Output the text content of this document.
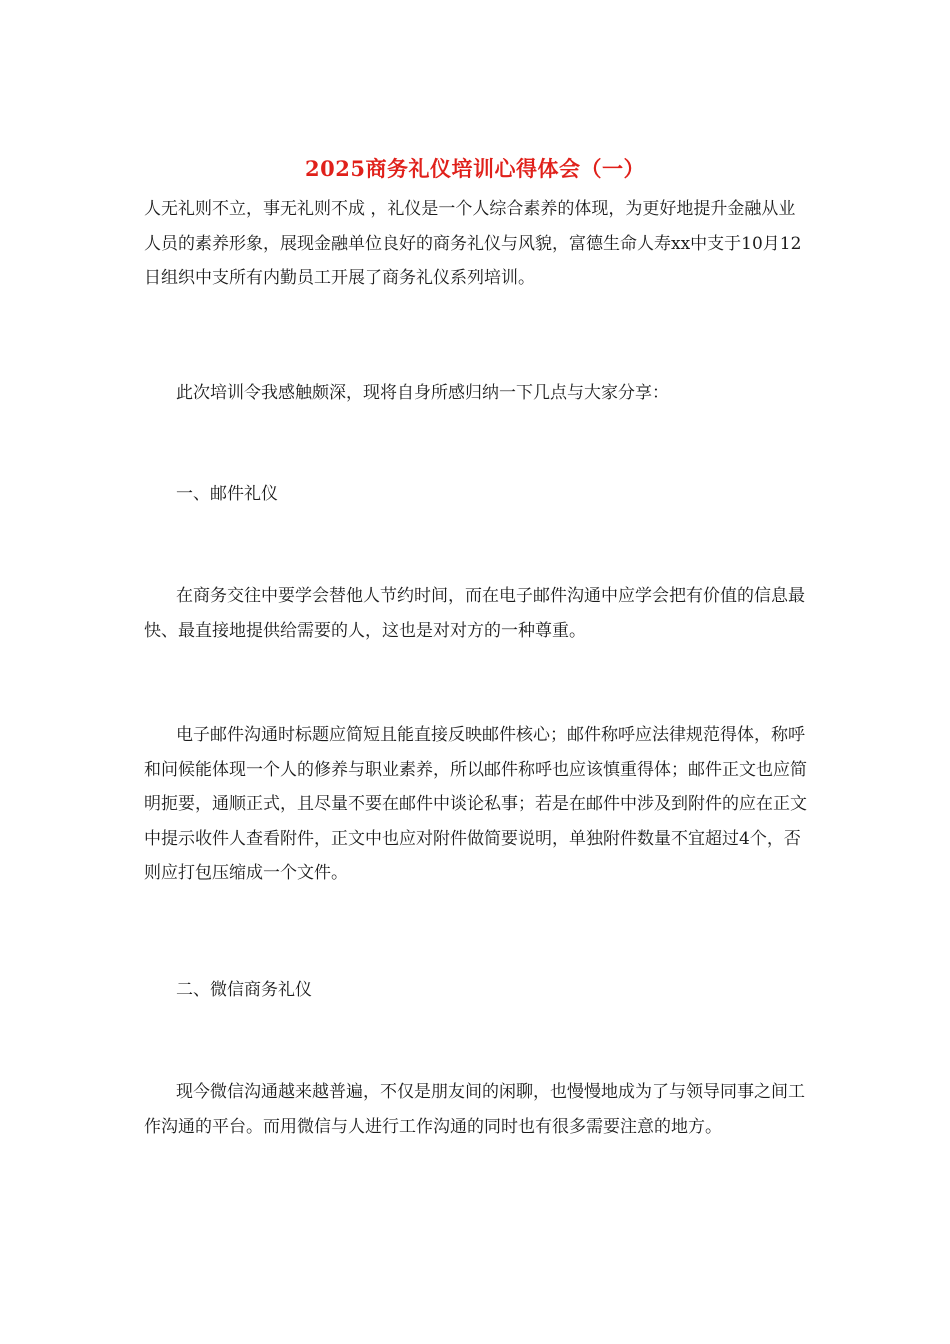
2025商务礼仪培训心得体会（一）

人无礼则不立，事无礼则不成 ，礼仪是一个人综合素养的体现，为更好地提升金融从业人员的素养形象，展现金融单位良好的商务礼仪与风貌，富德生命人寿xx中支于10月12日组织中支所有内勤员工开展了商务礼仪系列培训。

此次培训令我感触颇深，现将自身所感归纳一下几点与大家分享：

一、邮件礼仪

在商务交往中要学会替他人节约时间，而在电子邮件沟通中应学会把有价值的信息最快、最直接地提供给需要的人，这也是对对方的一种尊重。

电子邮件沟通时标题应简短且能直接反映邮件核心；邮件称呼应法律规范得体，称呼和问候能体现一个人的修养与职业素养，所以邮件称呼也应该慎重得体；邮件正文也应简明扼要，通顺正式，且尽量不要在邮件中谈论私事；若是在邮件中涉及到附件的应在正文中提示收件人查看附件，正文中也应对附件做简要说明，单独附件数量不宜超过4个，否则应打包压缩成一个文件。

二、微信商务礼仪

现今微信沟通越来越普遍，不仅是朋友间的闲聊，也慢慢地成为了与领导同事之间工作沟通的平台。而用微信与人进行工作沟通的同时也有很多需要注意的地方。
